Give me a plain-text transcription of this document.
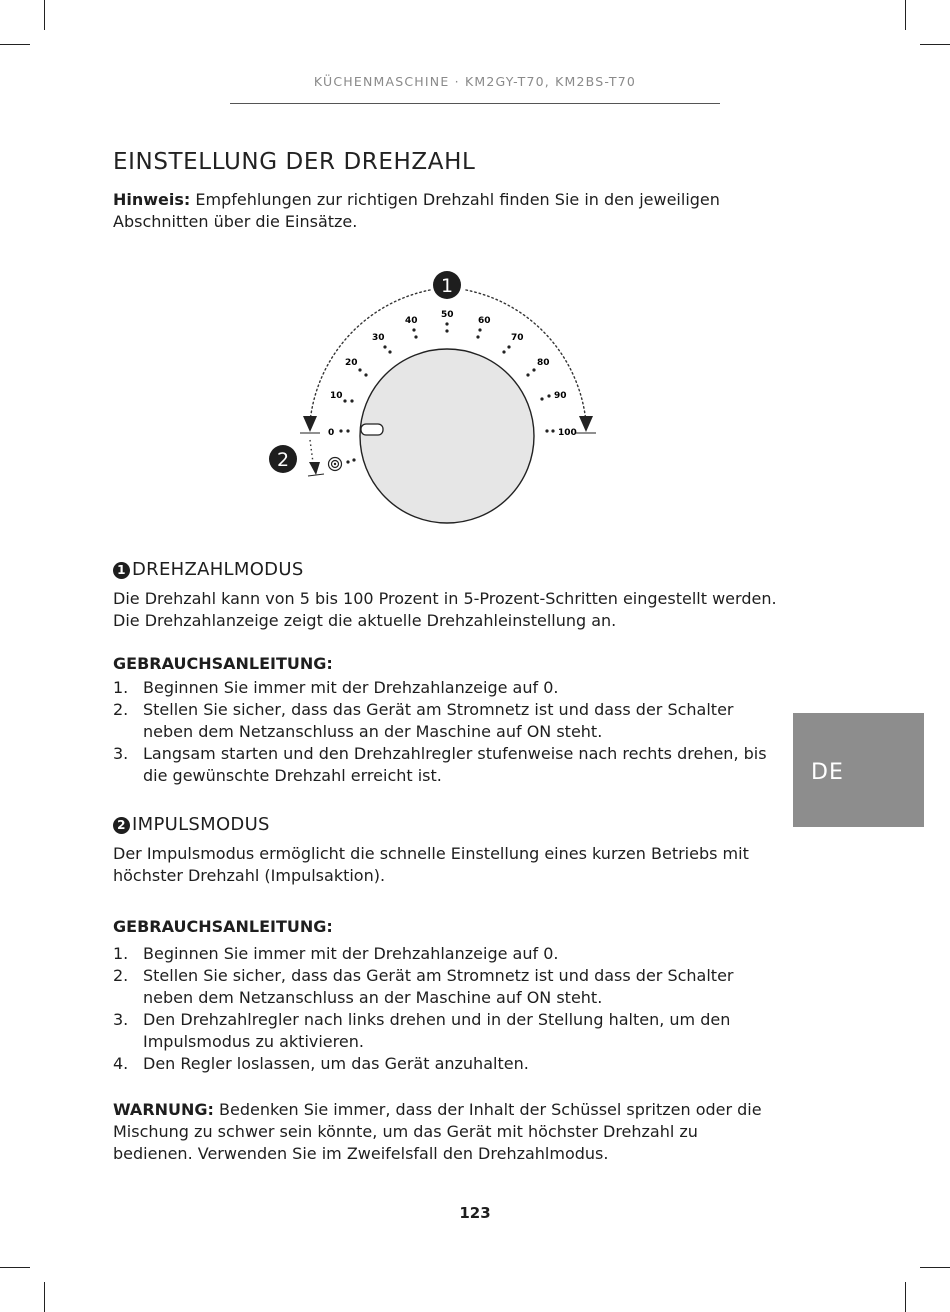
KÜCHENMASCHINE · KM2GY-T70, KM2BS-T70
EINSTELLUNG DER DREHZAHL

Hinweis: Empfehlungen zur richtigen Drehzahl finden Sie in den jeweiligen Abschnitten über die Einsätze.

0
10
20
30
40
50
60
70
80
90
100
1
2
1 DREHZAHLMODUS

Die Drehzahl kann von 5 bis 100 Prozent in 5-Prozent-Schritten eingestellt werden. Die Drehzahlanzeige zeigt die aktuelle Drehzahleinstellung an.

GEBRAUCHSANLEITUNG:
1. Beginnen Sie immer mit der Drehzahlanzeige auf 0.
2. Stellen Sie sicher, dass das Gerät am Stromnetz ist und dass der Schalter neben dem Netzanschluss an der Maschine auf ON steht.
3. Langsam starten und den Drehzahlregler stufenweise nach rechts drehen, bis die gewünschte Drehzahl erreicht ist.
2 IMPULSMODUS

Der Impulsmodus ermöglicht die schnelle Einstellung eines kurzen Betriebs mit höchster Drehzahl (Impulsaktion).

GEBRAUCHSANLEITUNG:
1. Beginnen Sie immer mit der Drehzahlanzeige auf 0.
2. Stellen Sie sicher, dass das Gerät am Stromnetz ist und dass der Schalter neben dem Netzanschluss an der Maschine auf ON steht.
3. Den Drehzahlregler nach links drehen und in der Stellung halten, um den Impulsmodus zu aktivieren.
4. Den Regler loslassen, um das Gerät anzuhalten.

WARNUNG: Bedenken Sie immer, dass der Inhalt der Schüssel spritzen oder die Mischung zu schwer sein könnte, um das Gerät mit höchster Drehzahl zu bedienen. Verwenden Sie im Zweifelsfall den Drehzahlmodus.

DE
123
